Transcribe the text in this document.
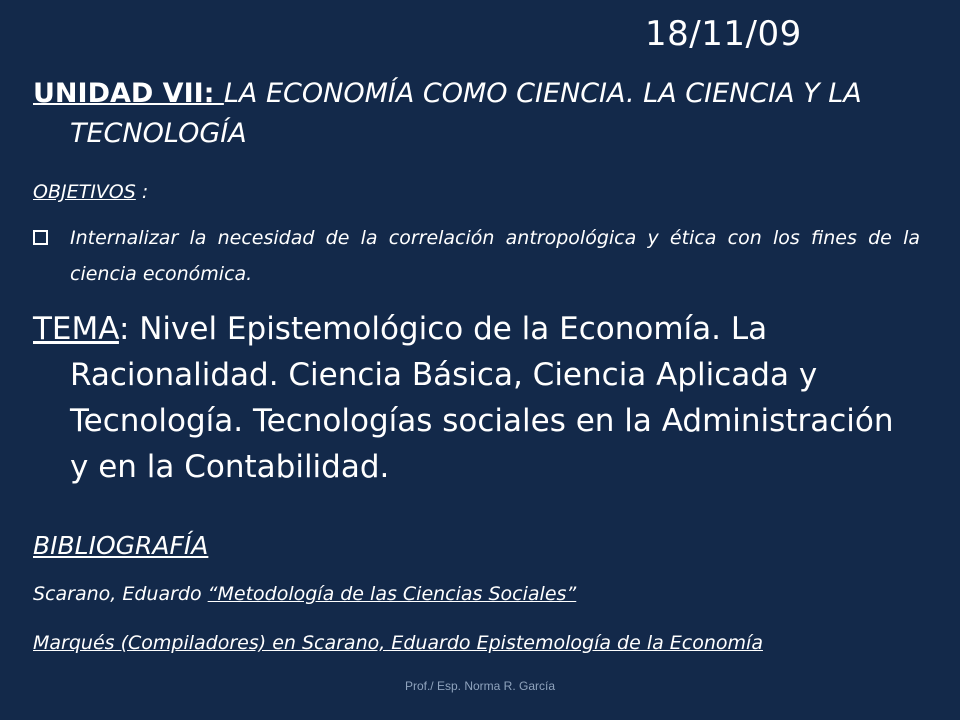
18/11/09
UNIDAD VII: LA ECONOMÍA COMO CIENCIA. LA CIENCIA Y LA TECNOLOGÍA
OBJETIVOS :
Internalizar la necesidad de la correlación antropológica y ética con los fines de la ciencia económica.
TEMA: Nivel Epistemológico de la Economía. La Racionalidad. Ciencia Básica, Ciencia Aplicada y Tecnología. Tecnologías sociales en la Administración y en la Contabilidad.
BIBLIOGRAFÍA
Scarano, Eduardo “Metodología de las Ciencias Sociales”
Marqués (Compiladores) en Scarano, Eduardo Epistemología de la Economía
Prof./ Esp. Norma R. García
